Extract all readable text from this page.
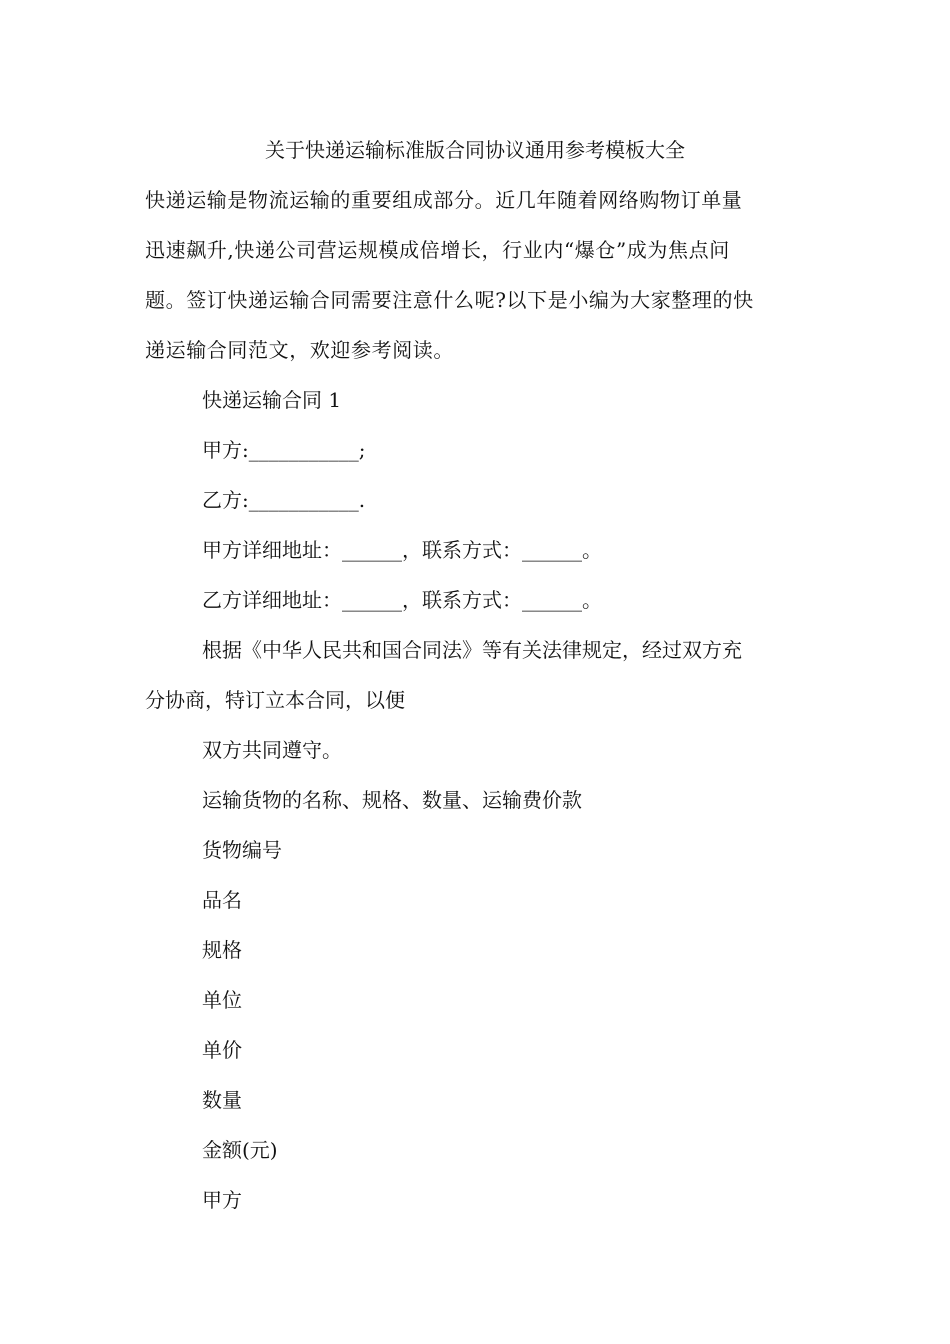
关于快递运输标准版合同协议通用参考模板大全
快递运输是物流运输的重要组成部分。近几年随着网络购物订单量
迅速飙升,快递公司营运规模成倍增长，行业内“爆仓”成为焦点问
题。签订快递运输合同需要注意什么呢?以下是小编为大家整理的快
递运输合同范文，欢迎参考阅读。
快递运输合同 1
甲方:___________;
乙方:___________.
甲方详细地址：______，联系方式：______。
乙方详细地址：______，联系方式：______。
根据《中华人民共和国合同法》等有关法律规定，经过双方充
分协商，特订立本合同，以便
双方共同遵守。
运输货物的名称、规格、数量、运输费价款
货物编号
品名
规格
单位
单价
数量
金额(元)
甲方
